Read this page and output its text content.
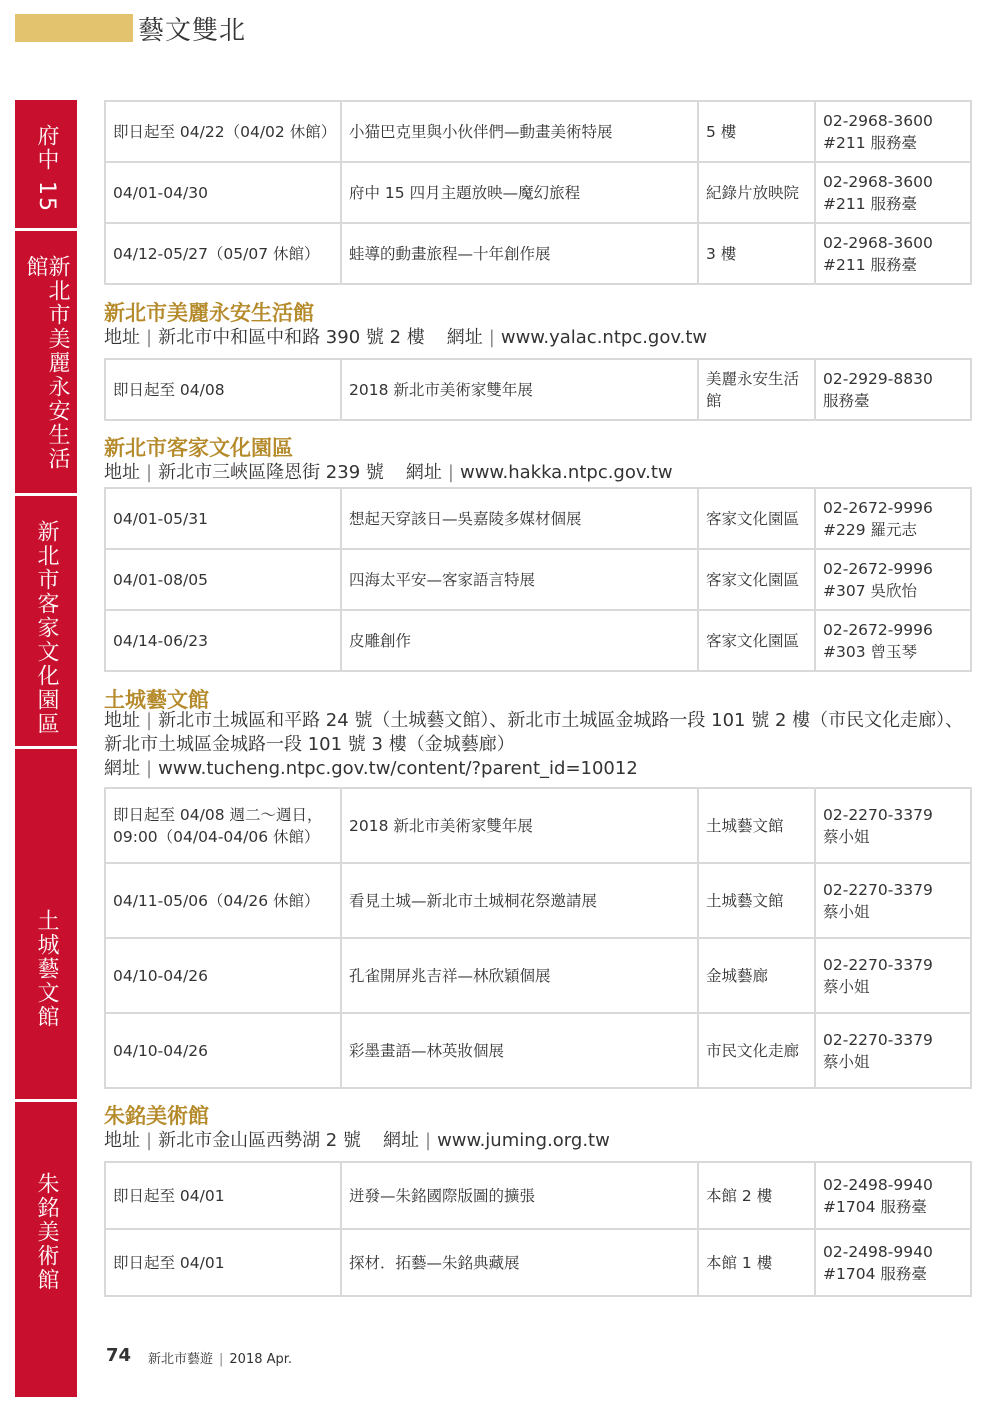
藝文雙北
府中 15
新北市美麗永安生活館
新北市客家文化園區
土城藝文館
朱銘美術館
即日起至 04/22（04/02 休館）	小猫巴克里與小伙伴們—動畫美術特展	5 樓	02-2968-3600
#211 服務臺

04/01-04/30	府中 15 四月主題放映—魔幻旅程	紀錄片放映院	02-2968-3600
#211 服務臺

04/12-05/27（05/07 休館）	蛙導的動畫旅程—十年創作展	3 樓	02-2968-3600
#211 服務臺
新北市美麗永安生活館
地址 | 新北市中和區中和路 390 號 2 樓 網址 | www.yalac.ntpc.gov.tw
即日起至 04/08	2018 新北市美術家雙年展	美麗永安生活館	
02-2929-8830
服務臺
新北市客家文化園區
地址 | 新北市三峽區隆恩街 239 號 網址 | www.hakka.ntpc.gov.tw
04/01-05/31	想起天穿該日—吳嘉陵多媒材個展	客家文化園區	02-2672-9996
#229 羅元志

04/01-08/05	四海太平安—客家語言特展	客家文化園區	02-2672-9996
#307 吳欣怡

04/14-06/23	皮雕創作	客家文化園區	02-2672-9996
#303 曾玉琴
土城藝文館
地址 | 新北市土城區和平路 24 號（土城藝文館）、新北市土城區金城路一段 101 號 2 樓（市民文化走廊）、新北市土城區金城路一段 101 號 3 樓（金城藝廊）
網址 | www.tucheng.ntpc.gov.tw/content/?parent_id=10012
即日起至 04/08 週二～週日，09:00（04/04-04/06 休館）	2018 新北市美術家雙年展	土城藝文館	02-2270-3379
蔡小姐

04/11-05/06（04/26 休館）	看見土城—新北市土城桐花祭邀請展	土城藝文館	02-2270-3379
蔡小姐

04/10-04/26	孔雀開屏兆吉祥—林欣穎個展	金城藝廊	02-2270-3379
蔡小姐

04/10-04/26	彩墨畫語—林英妝個展	市民文化走廊	02-2270-3379
蔡小姐
朱銘美術館
地址 | 新北市金山區西勢湖 2 號 網址 | www.juming.org.tw
即日起至 04/01	迸發—朱銘國際版圖的擴張	本館 2 樓	02-2498-9940
#1704 服務臺

即日起至 04/01	探材．拓藝—朱銘典藏展	本館 1 樓	02-2498-9940
#1704 服務臺
74 新北市藝遊 | 2018 Apr.
